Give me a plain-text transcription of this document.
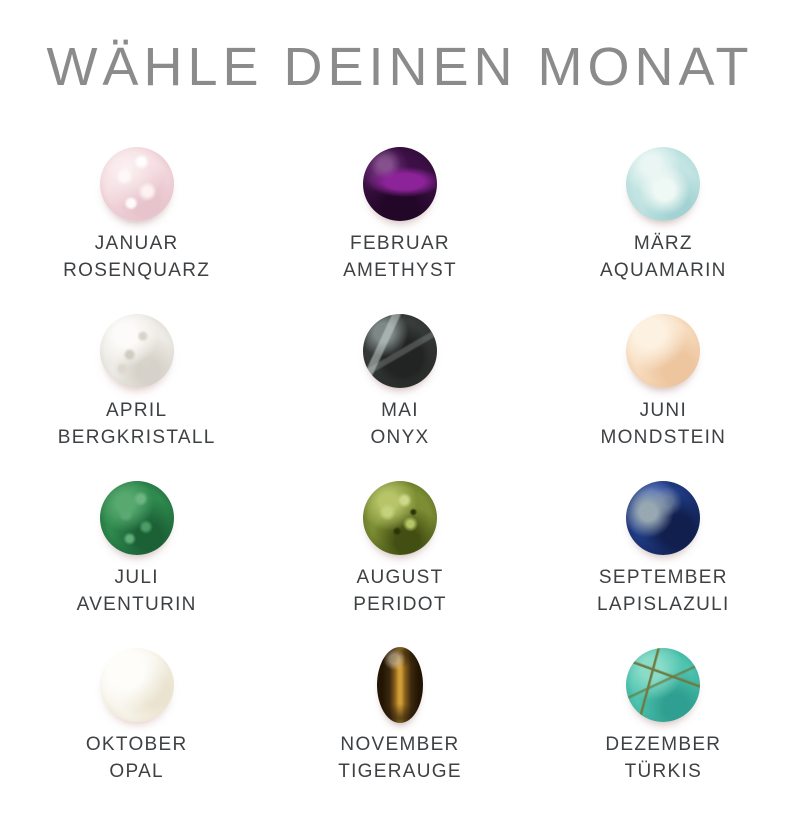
WÄHLE DEINEN MONAT
JANUAR
ROSENQUARZ
FEBRUAR
AMETHYST
MÄRZ
AQUAMARIN
APRIL
BERGKRISTALL
MAI
ONYX
JUNI
MONDSTEIN
JULI
AVENTURIN
AUGUST
PERIDOT
SEPTEMBER
LAPISLAZULI
OKTOBER
OPAL
NOVEMBER
TIGERAUGE
DEZEMBER
TÜRKIS
